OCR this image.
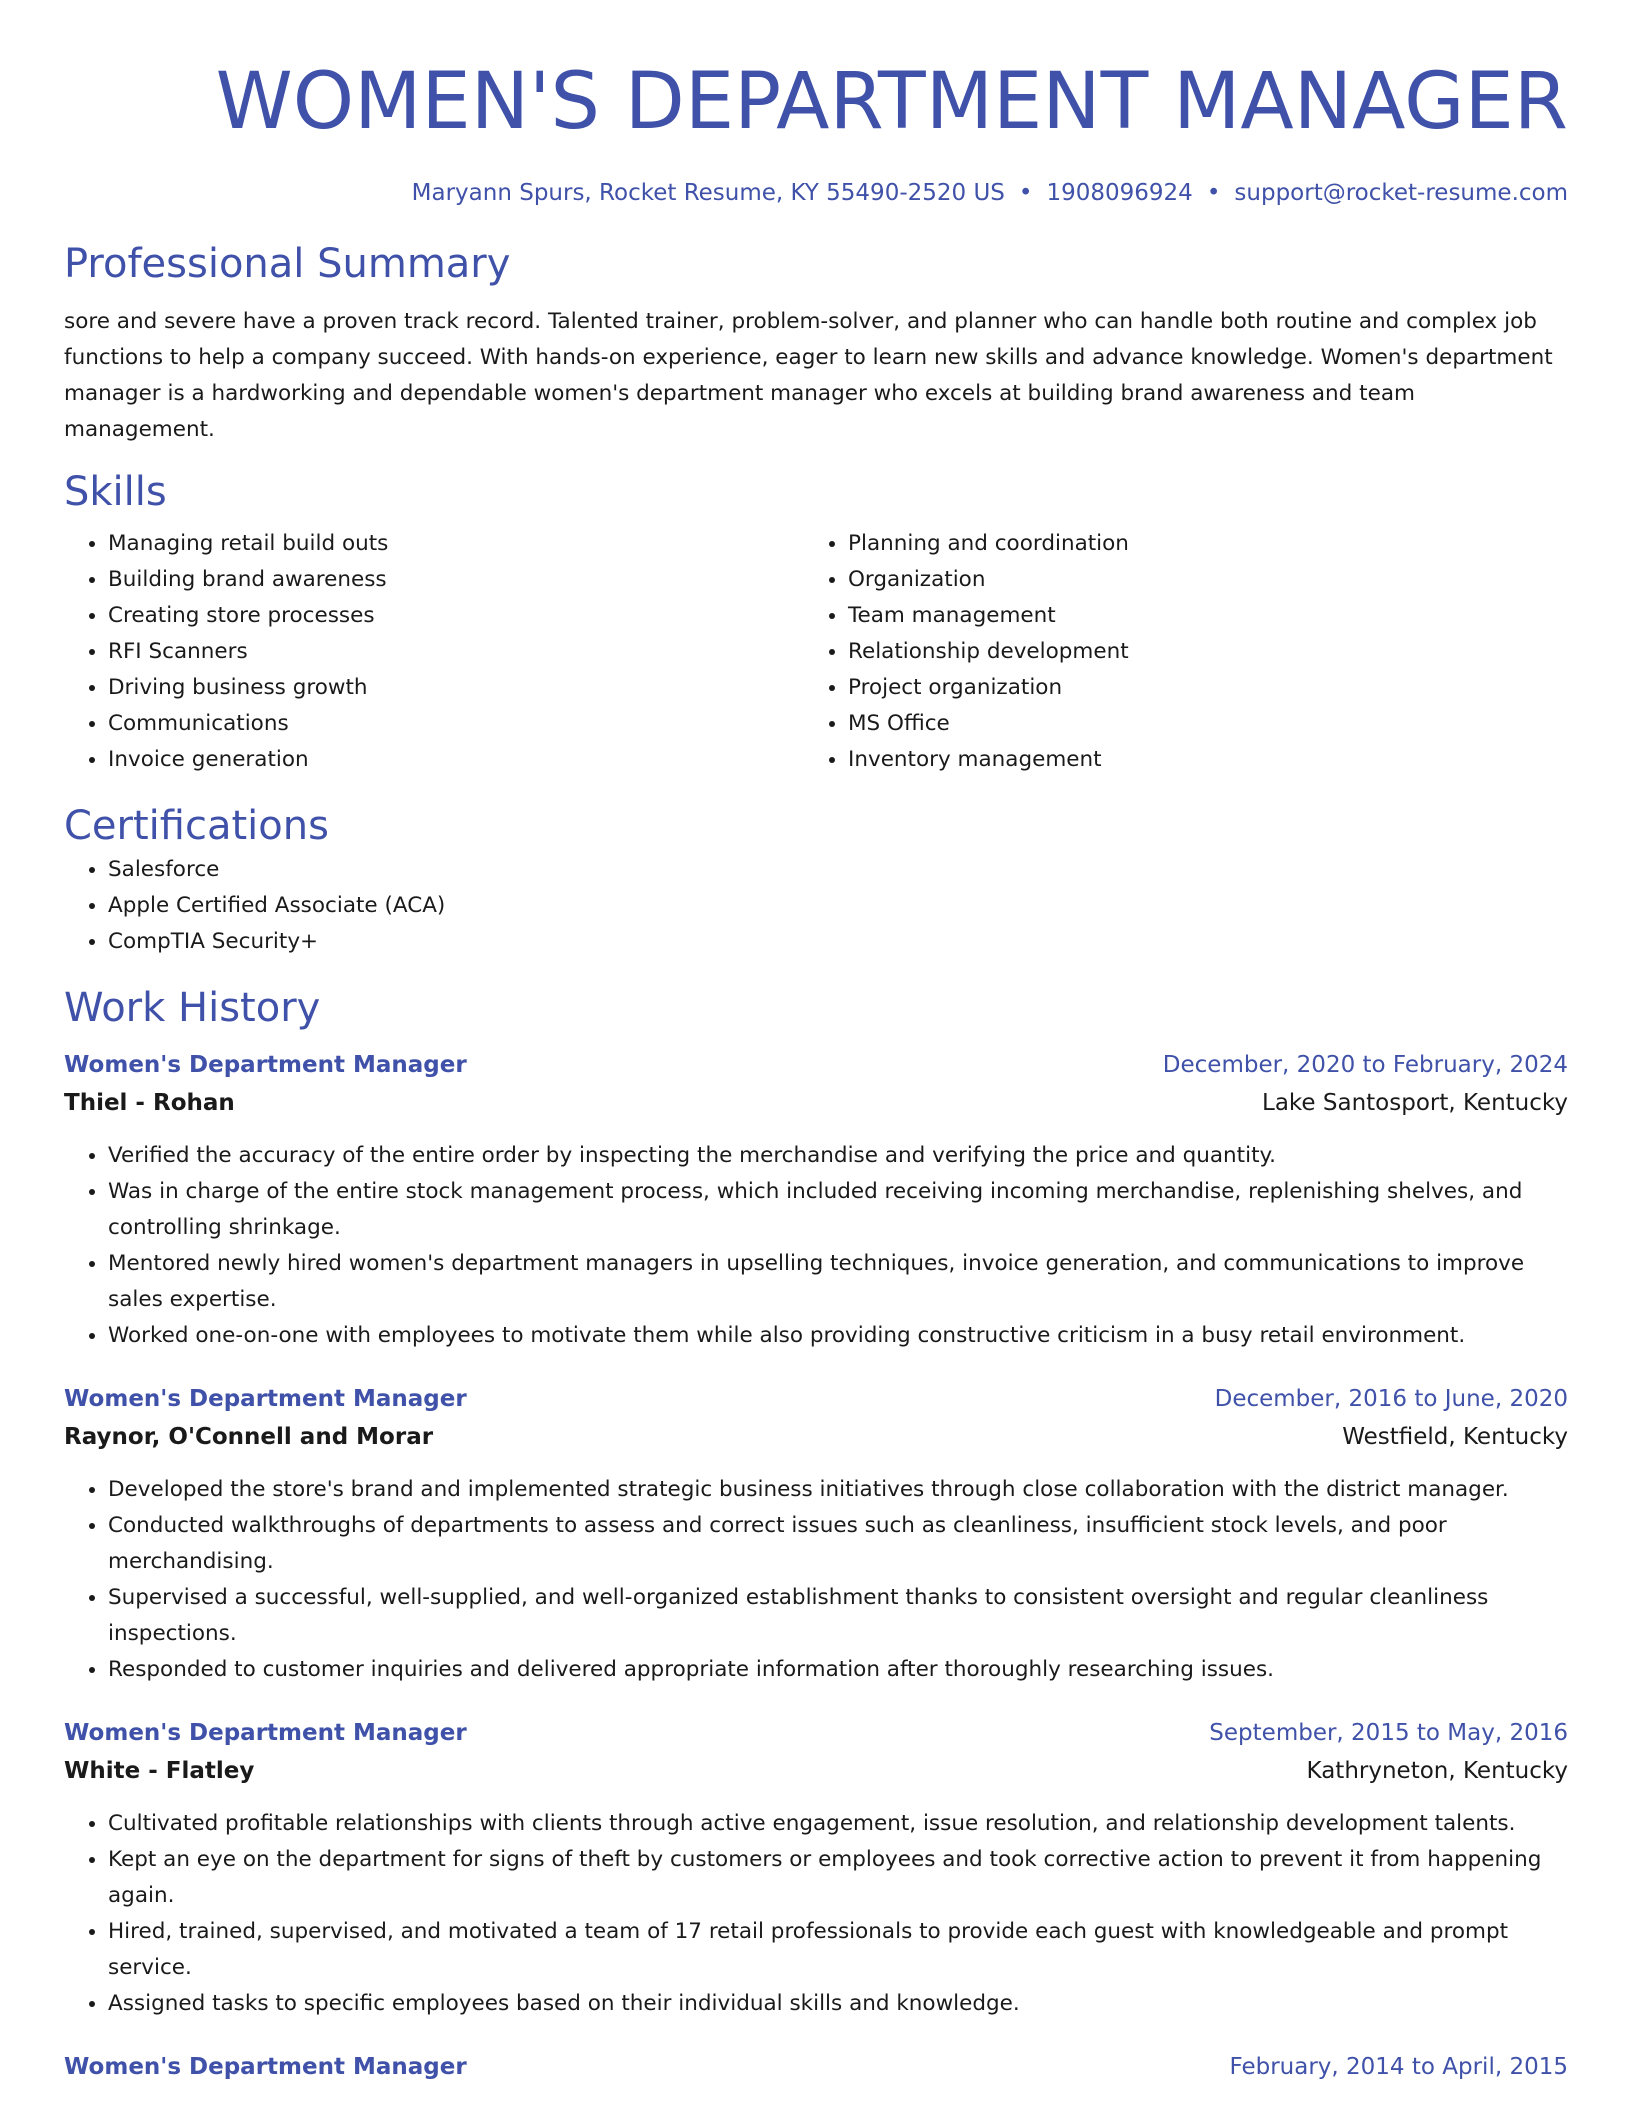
WOMEN'S DEPARTMENT MANAGER
Maryann Spurs, Rocket Resume, KY 55490-2520 US • 1908096924 • support@rocket-resume.com
Professional Summary

sore and severe have a proven track record. Talented trainer, problem-solver, and planner who can handle both routine and complex job functions to help a company succeed. With hands-on experience, eager to learn new skills and advance knowledge. Women's department manager is a hardworking and dependable women's department manager who excels at building brand awareness and team management.

Skills
• Managing retail build outs
• Building brand awareness
• Creating store processes
• RFI Scanners
• Driving business growth
• Communications
• Invoice generation
• Planning and coordination
• Organization
• Team management
• Relationship development
• Project organization
• MS Office
• Inventory management
Certifications
• Salesforce
• Apple Certified Associate (ACA)
• CompTIA Security+
Work History
Women's Department Manager	December, 2020 to February, 2024
Thiel - Rohan	Lake Santosport, Kentucky
• Verified the accuracy of the entire order by inspecting the merchandise and verifying the price and quantity.
• Was in charge of the entire stock management process, which included receiving incoming merchandise, replenishing shelves, and controlling shrinkage.
• Mentored newly hired women's department managers in upselling techniques, invoice generation, and communications to improve sales expertise.
• Worked one-on-one with employees to motivate them while also providing constructive criticism in a busy retail environment.
Women's Department Manager	December, 2016 to June, 2020
Raynor, O'Connell and Morar	Westfield, Kentucky
• Developed the store's brand and implemented strategic business initiatives through close collaboration with the district manager.
• Conducted walkthroughs of departments to assess and correct issues such as cleanliness, insufficient stock levels, and poor merchandising.
• Supervised a successful, well-supplied, and well-organized establishment thanks to consistent oversight and regular cleanliness inspections.
• Responded to customer inquiries and delivered appropriate information after thoroughly researching issues.
Women's Department Manager	September, 2015 to May, 2016
White - Flatley	Kathryneton, Kentucky
• Cultivated profitable relationships with clients through active engagement, issue resolution, and relationship development talents.
• Kept an eye on the department for signs of theft by customers or employees and took corrective action to prevent it from happening again.
• Hired, trained, supervised, and motivated a team of 17 retail professionals to provide each guest with knowledgeable and prompt service.
• Assigned tasks to specific employees based on their individual skills and knowledge.
Women's Department Manager	February, 2014 to April, 2015
